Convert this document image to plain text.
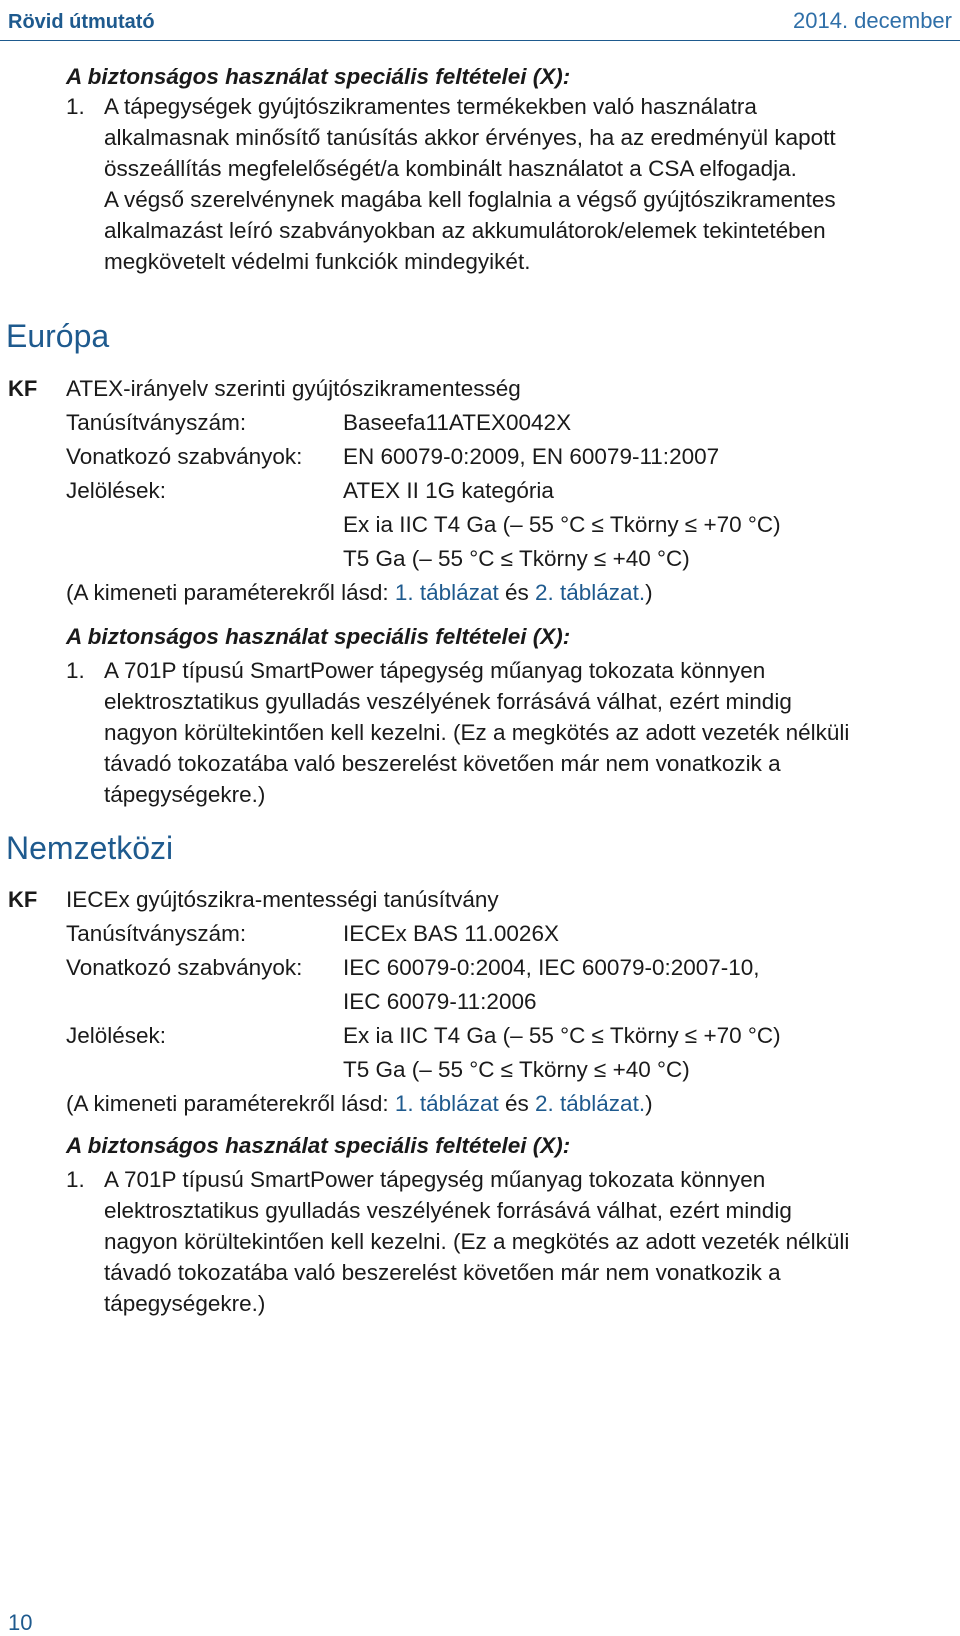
Rövid útmutató	2014. december
A biztonságos használat speciális feltételei (X):
1. A tápegységek gyújtószikramentes termékekben való használatra
alkalmasnak minősítő tanúsítás akkor érvényes, ha az eredményül kapott
összeállítás megfelelőségét/a kombinált használatot a CSA elfogadja.
A végső szerelvénynek magába kell foglalnia a végső gyújtószikramentes
alkalmazást leíró szabványokban az akkumulátorok/elemek tekintetében
megkövetelt védelmi funkciók mindegyikét.
Európa
KF ATEX-irányelv szerinti gyújtószikramentesség
Tanúsítványszám:	Baseefa11ATEX0042X
Vonatkozó szabványok: EN 60079-0:2009, EN 60079-11:2007
Jelölések:	ATEX II 1G kategória
Ex ia IIC T4 Ga (– 55 °C ≤ Tkörny ≤ +70 °C)
T5 Ga (– 55 °C ≤ Tkörny ≤ +40 °C)
(A kimeneti paraméterekről lásd: 1. táblázat és 2. táblázat.)
A biztonságos használat speciális feltételei (X):
1. A 701P típusú SmartPower tápegység műanyag tokozata könnyen
elektrosztatikus gyulladás veszélyének forrásává válhat, ezért mindig
nagyon körültekintően kell kezelni. (Ez a megkötés az adott vezeték nélküli
távadó tokozatába való beszerelést követően már nem vonatkozik a
tápegységekre.)
Nemzetközi
KF IECEx gyújtószikra-mentességi tanúsítvány
Tanúsítványszám:	IECEx BAS 11.0026X
Vonatkozó szabványok: IEC 60079-0:2004, IEC 60079-0:2007-10,
IEC 60079-11:2006
Jelölések:	Ex ia IIC T4 Ga (– 55 °C ≤ Tkörny ≤ +70 °C)
T5 Ga (– 55 °C ≤ Tkörny ≤ +40 °C)
(A kimeneti paraméterekről lásd: 1. táblázat és 2. táblázat.)
A biztonságos használat speciális feltételei (X):
1. A 701P típusú SmartPower tápegység műanyag tokozata könnyen
elektrosztatikus gyulladás veszélyének forrásává válhat, ezért mindig
nagyon körültekintően kell kezelni. (Ez a megkötés az adott vezeték nélküli
távadó tokozatába való beszerelést követően már nem vonatkozik a
tápegységekre.)
10
